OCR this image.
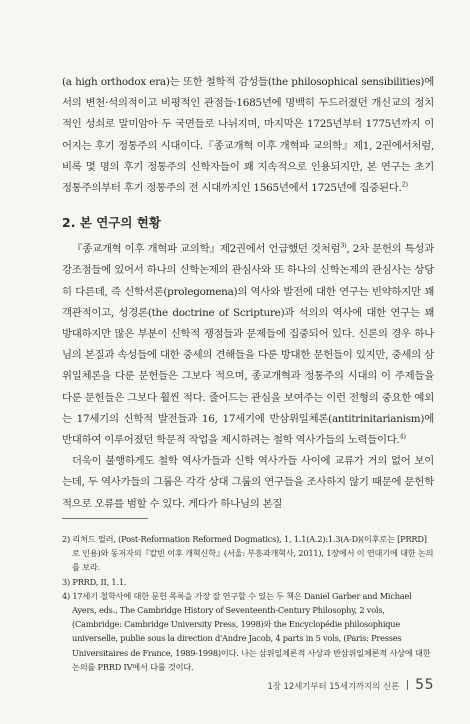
(a high orthodox era)는 또한 철학적 감성들(the philosophical sensibilities)에서의 변천·석의적이고 비평적인 관점들·1685년에 명백히 두드러졌던 개신교의 정치적인 성쇠로 말미암아 두 국면들로 나뉘지며, 마지막은 1725년부터 1775년까지 이어지는 후기 정통주의 시대이다.『종교개혁 이후 개혁파 교의학』제1, 2권에서처럼, 비록 몇 명의 후기 정통주의 신학자들이 꽤 지속적으로 인용되지만, 본 연구는 초기 정통주의부터 후기 정통주의 전 시대까지인 1565년에서 1725년에 집중된다.$^{2)}$

2. 본 연구의 현황

『종교개혁 이후 개혁파 교의학』제2권에서 언급했던 것처럼$^{3)}$, 2차 문헌의 특성과 강조점들에 있어서 하나의 신학논제의 관심사와 또 하나의 신학논제의 관심사는 상당히 다른데, 즉 신학서론(prolegomena)의 역사와 발전에 대한 연구는 빈약하지만 꽤 객관적이고, 성경론(the doctrine of Scripture)과 석의의 역사에 대한 연구는 꽤 방대하지만 많은 부분이 신학적 쟁점들과 문제들에 집중되어 있다. 신론의 경우 하나님의 본질과 속성들에 대한 중세의 견해들을 다룬 방대한 문헌들이 있지만, 중세의 삼위일체론을 다룬 문헌들은 그보다 적으며, 종교개혁과 정통주의 시대의 이 주제들을 다룬 문헌들은 그보다 훨씬 적다. 줄어드는 관심을 보여주는 이런 전형의 중요한 예외는 17세기의 신학적 발전들과 16, 17세기에 반삼위일체론(antitrinitarianism)에 반대하여 이루어졌던 학문적 작업을 제시하려는 철학 역사가들의 노력들이다.$^{4)}$

더욱이 불행하게도 철학 역사가들과 신학 역사가들 사이에 교류가 거의 없어 보이는데, 두 역사가들의 그룹은 각각 상대 그룹의 연구들을 조사하지 않기 때문에 문헌학적으로 오류를 범할 수 있다. 게다가 하나님의 본질

2) 리처드 멀러, (Post-Reformation Reformed Dogmatics), 1, 1.1(A.2):1.3(A-D)(이후로는 [PRRD]로 인용)와 동저자의『칼빈 이후 개혁신학』(서울: 부흥과개혁사, 2011), 1장에서 이 연대기에 대한 논의를 보라.

3) PRRD, II, 1.1.

4) 17세기 철학사에 대한 문헌 목록을 가장 잘 연구할 수 있는 두 책은 Daniel Garber and Michael Ayers, eds., The Cambridge History of Seventeenth-Century Philosophy, 2 vols, (Cambridge: Cambridge University Press, 1998)와 the Encyclopédie philosophique universelle, publie sous la direction d'Andre Jacob, 4 parts in 5 vols, (Paris: Presses Universitaires de France, 1989-1998)이다. 나는 삼위일체론적 사상과 반삼위일체론적 사상에 대한 논의를 PRRD IV에서 다룰 것이다.

1장 12세기부터 15세기까지의 신론 55
